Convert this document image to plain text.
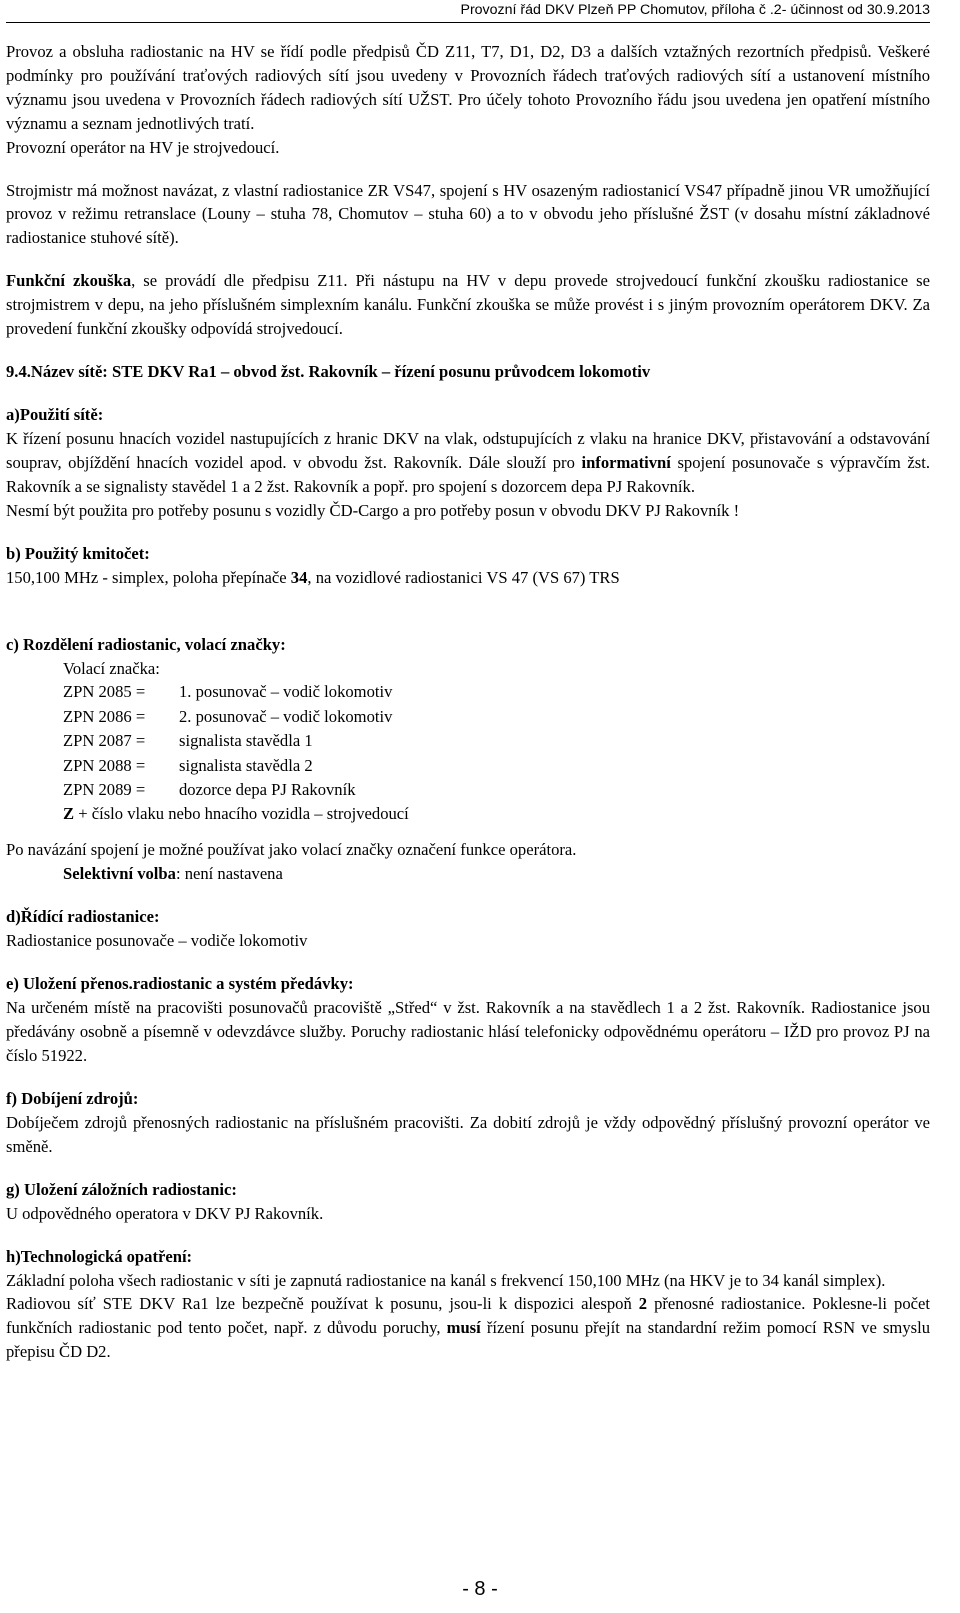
Provozní řád DKV Plzeň PP Chomutov, příloha č .2- účinnost od 30.9.2013

Provoz a obsluha radiostanic na HV se řídí podle předpisů ČD Z11, T7, D1, D2, D3 a dalších vztažných rezortních předpisů. Veškeré podmínky pro používání traťových radiových sítí jsou uvedeny v Provozních řádech traťových radiových sítí a ustanovení místního významu jsou uvedena v Provozních řádech radiových sítí UŽST. Pro účely tohoto Provozního řádu jsou uvedena jen opatření místního významu a seznam jednotlivých tratí.

Provozní operátor na HV je strojvedoucí.

Strojmistr má možnost navázat, z vlastní radiostanice ZR VS47, spojení s HV osazeným radiostanicí VS47 případně jinou VR umožňující provoz v režimu retranslace (Louny – stuha 78, Chomutov – stuha 60) a to v obvodu jeho příslušné ŽST (v dosahu místní základnové radiostanice stuhové sítě).

Funkční zkouška, se provádí dle předpisu Z11. Při nástupu na HV v depu provede strojvedoucí funkční zkoušku radiostanice se strojmistrem v depu, na jeho příslušném simplexním kanálu. Funkční zkouška se může provést i s jiným provozním operátorem DKV. Za provedení funkční zkoušky odpovídá strojvedoucí.

9.4.Název sítě: STE DKV Ra1 – obvod žst. Rakovník – řízení posunu průvodcem lokomotiv

a)Použití sítě:

K řízení posunu hnacích vozidel nastupujících z hranic DKV na vlak, odstupujících z vlaku na hranice DKV, přistavování a odstavování souprav, objíždění hnacích vozidel apod. v obvodu žst. Rakovník. Dále slouží pro informativní spojení posunovače s výpravčím žst. Rakovník a se signalisty stavědel 1 a 2 žst. Rakovník a popř. pro spojení s dozorcem depa PJ Rakovník.

Nesmí být použita pro potřeby posunu s vozidly ČD-Cargo a pro potřeby posun v obvodu DKV PJ Rakovník !

b) Použitý kmitočet:

150,100 MHz - simplex, poloha přepínače 34, na vozidlové radiostanici VS 47 (VS 67) TRS

c) Rozdělení radiostanic, volací značky:

Volací značka:
ZPN 2085 =	1. posunovač – vodič lokomotiv
ZPN 2086 =	2. posunovač – vodič lokomotiv
ZPN 2087 =	signalista stavědla 1
ZPN 2088 =	signalista stavědla 2
ZPN 2089 =	dozorce depa PJ Rakovník
Z + číslo vlaku nebo hnacího vozidla – strojvedoucí

Po navázání spojení je možné používat jako volací značky označení funkce operátora.

Selektivní volba: není nastavena

d)Řídící radiostanice:

Radiostanice posunovače – vodiče lokomotiv

e) Uložení přenos.radiostanic a systém předávky:

Na určeném místě na pracovišti posunovačů pracoviště „Střed“ v žst. Rakovník a na stavědlech 1 a 2 žst. Rakovník. Radiostanice jsou předávány osobně a písemně v odevzdávce služby. Poruchy radiostanic hlásí telefonicky odpovědnému operátoru – IŽD pro provoz PJ na číslo 51922.

f) Dobíjení zdrojů:

Dobíječem zdrojů přenosných radiostanic na příslušném pracovišti. Za dobití zdrojů je vždy odpovědný příslušný provozní operátor ve směně.

g) Uložení záložních radiostanic:

U odpovědného operatora v DKV PJ Rakovník.

h)Technologická opatření:

Základní poloha všech radiostanic v síti je zapnutá radiostanice na kanál s frekvencí 150,100 MHz (na HKV je to 34 kanál simplex).

Radiovou síť STE DKV Ra1 lze bezpečně používat k posunu, jsou-li k dispozici alespoň 2 přenosné radiostanice. Poklesne-li počet funkčních radiostanic pod tento počet, např. z důvodu poruchy, musí řízení posunu přejít na standardní režim pomocí RSN ve smyslu přepisu ČD D2.

- 8 -
